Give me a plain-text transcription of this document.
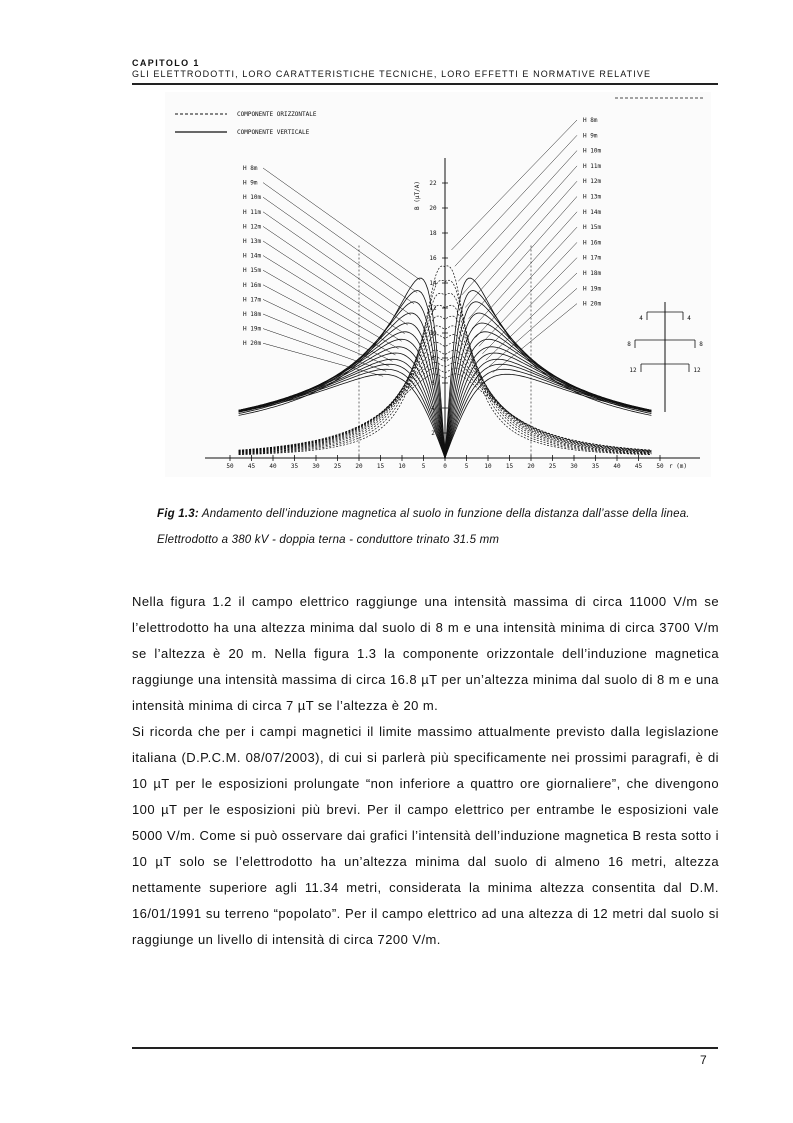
CAPITOLO 1
GLI ELETTRODOTTI, LORO CARATTERISTICHE TECNICHE, LORO EFFETTI E NORMATIVE RELATIVE
50 45 40 35 30 25 20 15 10	5	0	5	10 15 20 25 30 35 40 45 50 r (m)
2
4
6
8
10
12
14
16
18
20
22
B (µT/A)
COMPONENTE ORIZZONTALE
COMPONENTE VERTICALE
H 8m
H 9m
H 10m
H 11m
H 12m
H 13m
H 14m
H 15m
H 16m
H 17m
H 18m
H 19m
H 20m
H 8m
H 9m
H 10m
H 11m
H 12m
H 13m
H 14m
H 15m
H 16m
H 17m
H 18m
H 19m
H 20m
4	4
8	8
12	12
Fig 1.3: Andamento dell’induzione magnetica al suolo in funzione della distanza dall’asse della linea. Elettrodotto a 380 kV - doppia terna - conduttore trinato 31.5 mm

Nella figura 1.2 il campo elettrico raggiunge una intensità massima di circa 11000 V/m se l’elettrodotto ha una altezza minima dal suolo di 8 m e una intensità minima di circa 3700 V/m se l’altezza è 20 m. Nella figura 1.3 la componente orizzontale dell’induzione magnetica raggiunge una intensità massima di circa 16.8 µT per un’altezza minima dal suolo di 8 m e una intensità minima di circa 7 µT se l’altezza è 20 m.

Si ricorda che per i campi magnetici il limite massimo attualmente previsto dalla legislazione italiana (D.P.C.M. 08/07/2003), di cui si parlerà più specificamente nei prossimi paragrafi, è di 10 µT per le esposizioni prolungate “non inferiore a quattro ore giornaliere”, che divengono 100 µT per le esposizioni più brevi. Per il campo elettrico per entrambe le esposizioni vale 5000 V/m. Come si può osservare dai grafici l’intensità dell’induzione magnetica B resta sotto i 10 µT solo se l’elettrodotto ha un’altezza minima dal suolo di almeno 16 metri, altezza nettamente superiore agli 11.34 metri, considerata la minima altezza consentita dal D.M. 16/01/1991 su terreno “popolato”. Per il campo elettrico ad una altezza di 12 metri dal suolo si raggiunge un livello di intensità di circa 7200 V/m.

7
